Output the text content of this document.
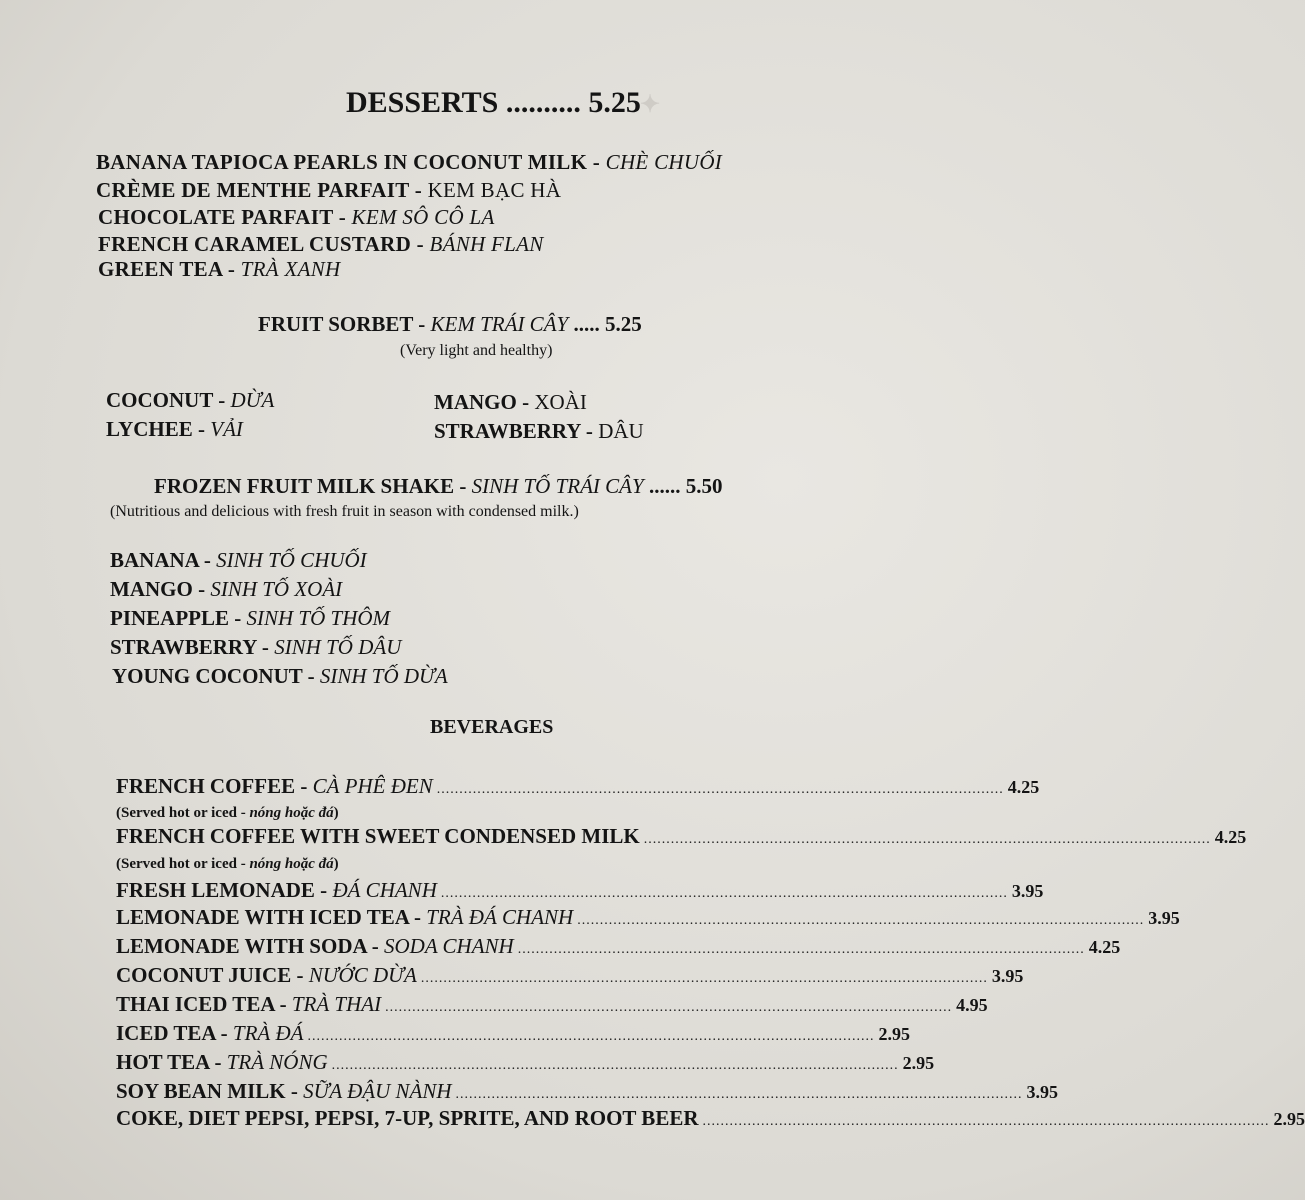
✦
DESSERTS .......... 5.25
BANANA TAPIOCA PEARLS IN COCONUT MILK - CHÈ CHUỐI
CRÈME DE MENTHE PARFAIT - KEM BẠC HÀ
CHOCOLATE PARFAIT - KEM SÔ CÔ LA
FRENCH CARAMEL CUSTARD - BÁNH FLAN
GREEN TEA - TRÀ XANH
FRUIT SORBET - KEM TRÁI CÂY ..... 5.25
(Very light and healthy)
COCONUT - DỪA	MANGO - XOÀI
LYCHEE - VẢI	STRAWBERRY - DÂU
FROZEN FRUIT MILK SHAKE - SINH TỐ TRÁI CÂY ...... 5.50
(Nutritious and delicious with fresh fruit in season with condensed milk.)
BANANA - SINH TỐ CHUỐI
MANGO - SINH TỐ XOÀI
PINEAPPLE - SINH TỐ THÔM
STRAWBERRY - SINH TỐ DÂU
YOUNG COCONUT - SINH TỐ DỪA
BEVERAGES
FRENCH COFFEE - CÀ PHÊ ĐEN .............................................................................................................................. 4.25
(Served hot or iced - nóng hoặc đá)
FRENCH COFFEE WITH SWEET CONDENSED MILK .............................................................................................................................. 4.25
(Served hot or iced - nóng hoặc đá)
FRESH LEMONADE - ĐÁ CHANH .............................................................................................................................. 3.95
LEMONADE WITH ICED TEA - TRÀ ĐÁ CHANH .............................................................................................................................. 3.95
LEMONADE WITH SODA - SODA CHANH .............................................................................................................................. 4.25
COCONUT JUICE - NƯỚC DỪA .............................................................................................................................. 3.95
THAI ICED TEA - TRÀ THAI .............................................................................................................................. 4.95
ICED TEA - TRÀ ĐÁ .............................................................................................................................. 2.95
HOT TEA - TRÀ NÓNG .............................................................................................................................. 2.95
SOY BEAN MILK - SỮA ĐẬU NÀNH .............................................................................................................................. 3.95
COKE, DIET PEPSI, PEPSI, 7-UP, SPRITE, AND ROOT BEER .............................................................................................................................. 2.95
